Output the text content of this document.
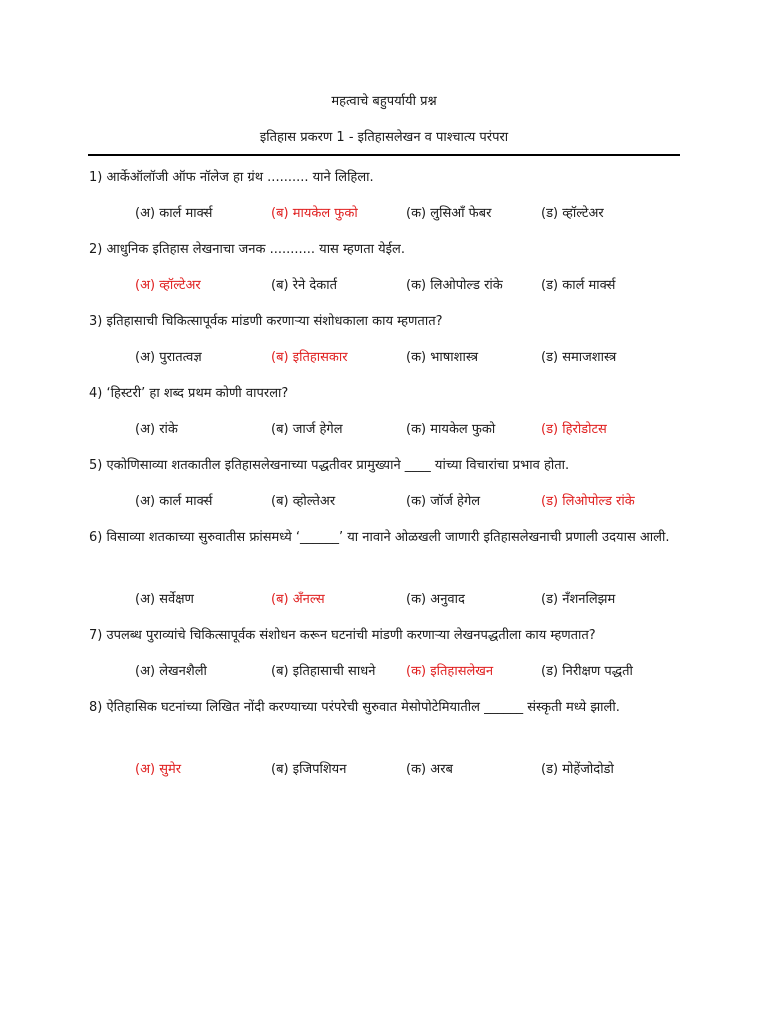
महत्वाचे बहुपर्यायी प्रश्न
इतिहास प्रकरण 1 - इतिहासलेखन व पाश्चात्य परंपरा
1) आर्केऑलॉजी ऑफ नॉलेज हा ग्रंथ .......... याने लिहिला.
(अ) कार्ल मार्क्स	(ब) मायकेल फुको	(क) लुसिआँ फेबर	(ड) व्हॉल्टेअर
2) आधुनिक इतिहास लेखनाचा जनक ........... यास म्हणता येईल.
(अ) व्हॉल्टेअर	(ब) रेने देकार्त	(क) लिओपोल्ड रांके	(ड) कार्ल मार्क्स
3) इतिहासाची चिकित्सापूर्वक मांडणी करणाऱ्या संशोधकाला काय म्हणतात?
(अ) पुरातत्वज्ञ	(ब) इतिहासकार	(क) भाषाशास्त्र	(ड) समाजशास्त्र
4) ‘हिस्टरी’ हा शब्द प्रथम कोणी वापरला?
(अ) रांके	(ब) जार्ज हेगेल	(क) मायकेल फुको	(ड) हिरोडोटस
5) एकोणिसाव्या शतकातील इतिहासलेखनाच्या पद्धतीवर प्रामुख्याने ____ यांच्या विचारांचा प्रभाव होता.
(अ) कार्ल मार्क्स	(ब) व्होल्तेअर	(क) जॉर्ज हेगेल	(ड) लिओपोल्ड रांके
6) विसाव्या शतकाच्या सुरुवातीस फ्रांसमध्ये ‘______’ या नावाने ओळखली जाणारी इतिहासलेखनाची प्रणाली उदयास आली.
(अ) सर्वेक्षण	(ब) अँनल्स	(क) अनुवाद	(ड) नँशनलिझम
7) उपलब्ध पुराव्यांचे चिकित्सापूर्वक संशोधन करून घटनांची मांडणी करणाऱ्या लेखनपद्धतीला काय म्हणतात?
(अ) लेखनशैली	(ब) इतिहासाची साधने (क) इतिहासलेखन	(ड) निरीक्षण पद्धती
8) ऐतिहासिक घटनांच्या लिखित नोंदी करण्याच्या परंपरेची सुरुवात मेसोपोटेमियातील ______ संस्कृती मध्ये झाली.
(अ) सुमेर	(ब) इजिपशियन	(क) अरब	(ड) मोहेंजोदोडो
